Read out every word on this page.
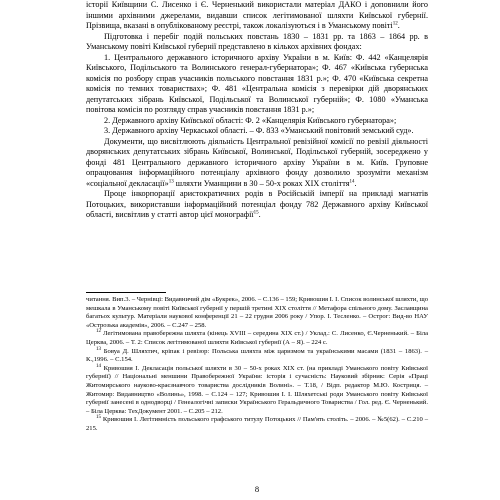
історії Київщини С. Лисенко і Є. Черненький використали матеріал ДАКО і доповнили його іншими архівними джерелами, видавши список легітимованої шляхти Київської губернії. Прізвища, вказані в опублікованому реєстрі, також локалізуються і в Уманському повіті$^{12}$.

Підготовка і перебіг подій польських повстань 1830 – 1831 рр. та 1863 – 1864 рр. в Уманському повіті Київської губернії представлено в кількох архівних фондах:

1. Центрального державного історичного архіву України в м. Київ: Ф. 442 «Канцелярія Київського, Подільського та Волинського генерал-губернатора»; Ф. 467 «Київська губернська комісія по розбору справ учасників польського повстання 1831 р.»; Ф. 470 «Київська секретна комісія по темних товариствах»; Ф. 481 «Центральна комісія з перевірки дій дворянських депутатських зібрань Київської, Подільської та Волинської губерній»; Ф. 1080 «Уманська повітова комісія по розгляду справ учасників повстання 1831 р.»;

2. Державного архіву Київської області: Ф. 2 «Канцелярія Київського губернатора»;

3. Державного архіву Черкаської області. – Ф. 833 «Уманський повітовий земський суд».

Документи, що висвітлюють діяльність Центральної ревізійної комісії по ревізії діяльності дворянських депутатських зібрань Київської, Волинської, Подільської губерній, зосереджено у фонді 481 Центрального державного історичного архіву України в м. Київ. Груповне опрацювання інформаційного потенціалу архівного фонду дозволило зрозуміти механізм «соціальної декласації»$^{13}$ шляхти Уманщини в 30 – 50-х роках ХІХ століття$^{14}$.

Проце інкорпорації аристократичних родів в Російській імперії на прикладі магнатів Потоцьких, використавши інформаційний потенціал фонду 782 Державного архіву Київської області, висвітлив у статті автор цієї монографії$^{15}$.

читання. Вип.3. – Чернівці: Видавничий дім «Букрек», 2006. – С.136 – 159; Кривошия І. І. Список волинської шляхти, що мешкала в Уманському повіті Київської губернії у першій третині ХІХ століття // Метафора спільного дому. Заславщина багатьох культур. Матеріали наукової конференції 21 – 22 грудня 2006 року / Упор. І. Тесленко. – Острог: Вид-во НАУ «Острозька академія», 2006. – С.247 – 258.

$^{12}$ Легітимована правобережна шляхта (кінець XVIII – середина XIX ст.) / Уклад.: С. Лисенко, Є.Черненький. – Біла Церква, 2006. – Т. 2: Список легітимованої шляхти Київської губернії (А – Я). – 224 с.

$^{13}$ Бовуа Д. Шляхтич, кріпак і ревізор: Польська шляхта між царизмом та українськими масами (1831 – 1863). – К.,1996. – С.154.

$^{14}$ Кривошия І. Декласація польської шляхти в 30 – 50-х роках ХІХ ст. (на прикладі Уманського повіту Київської губернії) // Національні меншини Правобережної України: історія і сучасність: Науковий збірник: Серія «Праці Житомирського науково-краєзнавчого товариства дослідників Волині». – Т.18, / Відп. редактор М.Ю. Костриця. – Житомир: Видавництво «Волинь», 1998. – С.124 – 127; Кривошия І. І. Шляхетські роди Уманського повіту Київської губернії занесені в однодворці / Генеалогічні записки Українського Геральдичного Товариства / Гол. ред. Є. Черненький. – Біла Церква: ТехДокумент 2001. – С.205 – 212.

$^{15}$ Кривошия І. Легітимність польського графського титулу Потоцьких // Пам'ять століть. – 2006. – №5(62). – С.210 – 215.

8
